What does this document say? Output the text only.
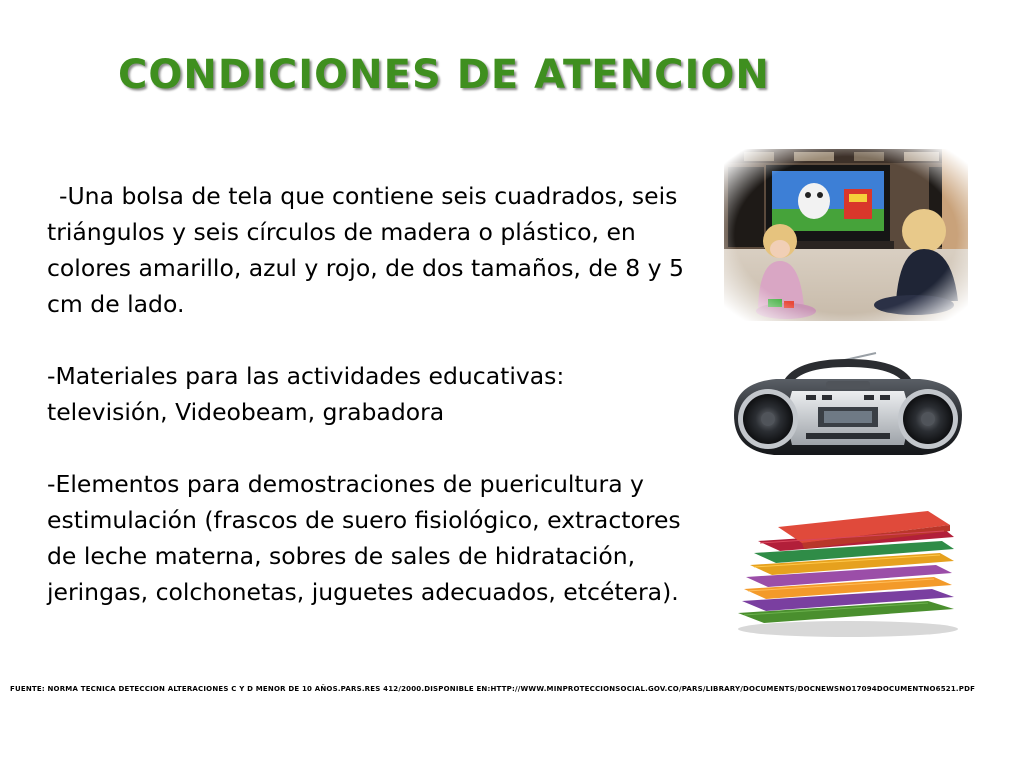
CONDICIONES DE ATENCION

-Una bolsa de tela que contiene seis cuadrados, seis triángulos y seis círculos de madera o plástico, en colores amarillo, azul y rojo, de dos tamaños, de 8 y 5 cm de lado.

-Materiales para las actividades educativas: televisión, Videobeam, grabadora

-Elementos para demostraciones de puericultura y estimulación (frascos de suero fisiológico, extractores de leche materna, sobres de sales de hidratación, jeringas, colchonetas, juguetes adecuados, etcétera).

FUENTE: NORMA TECNICA DETECCION ALTERACIONES C Y D MENOR DE 10 AÑOS.PARS.RES 412/2000.DISPONIBLE EN:HTTP://WWW.MINPROTECCIONSOCIAL.GOV.CO/PARS/LIBRARY/DOCUMENTS/DOCNEWSNO17094DOCUMENTNO6521.PDF
